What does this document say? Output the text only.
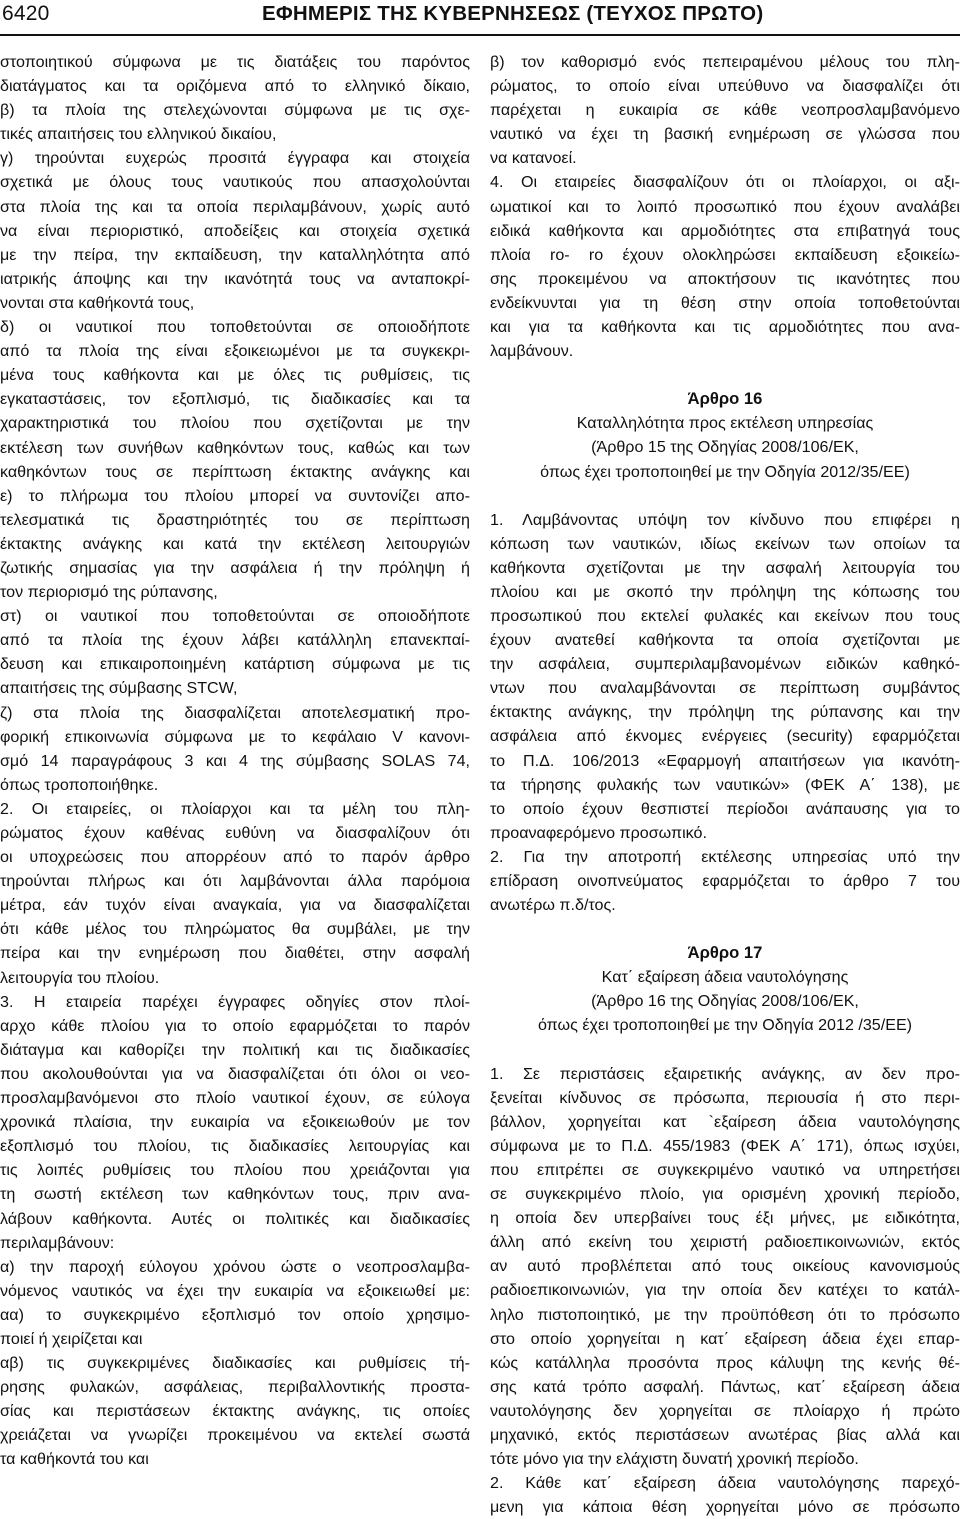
6420	ΕΦΗΜΕΡΙΣ ΤΗΣ ΚΥΒΕΡΝΗΣΕΩΣ (ΤΕΥΧΟΣ ΠΡΩΤΟ)
στοποιητικού σύμφωνα με τις διατάξεις του παρόντος
διατάγματος και τα οριζόμενα από το ελληνικό δίκαιο,
β) τα πλοία της στελεχώνονται σύμφωνα με τις σχε-
τικές απαιτήσεις του ελληνικού δικαίου,
γ) τηρούνται ευχερώς προσιτά έγγραφα και στοιχεία
σχετικά με όλους τους ναυτικούς που απασχολούνται
στα πλοία της και τα οποία περιλαμβάνουν, χωρίς αυτό
να είναι περιοριστικό, αποδείξεις και στοιχεία σχετικά
με την πείρα, την εκπαίδευση, την καταλληλότητα από
ιατρικής άποψης και την ικανότητά τους να ανταποκρί-
νονται στα καθήκοντά τους,
δ) οι ναυτικοί που τοποθετούνται σε οποιοδήποτε
από τα πλοία της είναι εξοικειωμένοι με τα συγκεκρι-
μένα τους καθήκοντα και με όλες τις ρυθμίσεις, τις
εγκαταστάσεις, τον εξοπλισμό, τις διαδικασίες και τα
χαρακτηριστικά του πλοίου που σχετίζονται με την
εκτέλεση των συνήθων καθηκόντων τους, καθώς και των
καθηκόντων τους σε περίπτωση έκτακτης ανάγκης και
ε) το πλήρωμα του πλοίου μπορεί να συντονίζει απο-
τελεσματικά τις δραστηριότητές του σε περίπτωση
έκτακτης ανάγκης και κατά την εκτέλεση λειτουργιών
ζωτικής σημασίας για την ασφάλεια ή την πρόληψη ή
τον περιορισμό της ρύπανσης,
στ) οι ναυτικοί που τοποθετούνται σε οποιοδήποτε
από τα πλοία της έχουν λάβει κατάλληλη επανεκπαί-
δευση και επικαιροποιημένη κατάρτιση σύμφωνα με τις
απαιτήσεις της σύμβασης STCW,
ζ) στα πλοία της διασφαλίζεται αποτελεσματική προ-
φορική επικοινωνία σύμφωνα με το κεφάλαιο V κανονι-
σμό 14 παραγράφους 3 και 4 της σύμβασης SOLAS 74,
όπως τροποποιήθηκε.
2. Οι εταιρείες, οι πλοίαρχοι και τα μέλη του πλη-
ρώματος έχουν καθένας ευθύνη να διασφαλίζουν ότι
οι υποχρεώσεις που απορρέουν από το παρόν άρθρο
τηρούνται πλήρως και ότι λαμβάνονται άλλα παρόμοια
μέτρα, εάν τυχόν είναι αναγκαία, για να διασφαλίζεται
ότι κάθε μέλος του πληρώματος θα συμβάλει, με την
πείρα και την ενημέρωση που διαθέτει, στην ασφαλή
λειτουργία του πλοίου.
3. Η εταιρεία παρέχει έγγραφες οδηγίες στον πλοί-
αρχο κάθε πλοίου για το οποίο εφαρμόζεται το παρόν
διάταγμα και καθορίζει την πολιτική και τις διαδικασίες
που ακολουθούνται για να διασφαλίζεται ότι όλοι οι νεο-
προσλαμβανόμενοι στο πλοίο ναυτικοί έχουν, σε εύλογα
χρονικά πλαίσια, την ευκαιρία να εξοικειωθούν με τον
εξοπλισμό του πλοίου, τις διαδικασίες λειτουργίας και
τις λοιπές ρυθμίσεις του πλοίου που χρειάζονται για
τη σωστή εκτέλεση των καθηκόντων τους, πριν ανα-
λάβουν καθήκοντα. Αυτές οι πολιτικές και διαδικασίες
περιλαμβάνουν:
α) την παροχή εύλογου χρόνου ώστε ο νεοπροσλαμβα-
νόμενος ναυτικός να έχει την ευκαιρία να εξοικειωθεί με:
αα) το συγκεκριμένο εξοπλισμό τον οποίο χρησιμο-
ποιεί ή χειρίζεται και
αβ) τις συγκεκριμένες διαδικασίες και ρυθμίσεις τή-
ρησης φυλακών, ασφάλειας, περιβαλλοντικής προστα-
σίας και περιστάσεων έκτακτης ανάγκης, τις οποίες
χρειάζεται να γνωρίζει προκειμένου να εκτελεί σωστά
τα καθήκοντά του και
β) τον καθορισμό ενός πεπειραμένου μέλους του πλη-
ρώματος, το οποίο είναι υπεύθυνο να διασφαλίζει ότι
παρέχεται η ευκαιρία σε κάθε νεοπροσλαμβανόμενο
ναυτικό να έχει τη βασική ενημέρωση σε γλώσσα που
να κατανοεί.
4. Οι εταιρείες διασφαλίζουν ότι οι πλοίαρχοι, οι αξι-
ωματικοί και το λοιπό προσωπικό που έχουν αναλάβει
ειδικά καθήκοντα και αρμοδιότητες στα επιβατηγά τους
πλοία ro- ro έχουν ολοκληρώσει εκπαίδευση εξοικείω-
σης προκειμένου να αποκτήσουν τις ικανότητες που
ενδείκνυνται για τη θέση στην οποία τοποθετούνται
και για τα καθήκοντα και τις αρμοδιότητες που ανα-
λαμβάνουν.
Άρθρο 16
Καταλληλότητα προς εκτέλεση υπηρεσίας
(Άρθρο 15 της Οδηγίας 2008/106/ΕΚ,
όπως έχει τροποποιηθεί με την Οδηγία 2012/35/ΕΕ)
1. Λαμβάνοντας υπόψη τον κίνδυνο που επιφέρει η
κόπωση των ναυτικών, ιδίως εκείνων των οποίων τα
καθήκοντα σχετίζονται με την ασφαλή λειτουργία του
πλοίου και με σκοπό την πρόληψη της κόπωσης του
προσωπικού που εκτελεί φυλακές και εκείνων που τους
έχουν ανατεθεί καθήκοντα τα οποία σχετίζονται με
την ασφάλεια, συμπεριλαμβανομένων ειδικών καθηκό-
ντων που αναλαμβάνονται σε περίπτωση συμβάντος
έκτακτης ανάγκης, την πρόληψη της ρύπανσης και την
ασφάλεια από έκνομες ενέργειες (security) εφαρμόζεται
το Π.Δ. 106/2013 «Εφαρμογή απαιτήσεων για ικανότη-
τα τήρησης φυλακής των ναυτικών» (ΦΕΚ Α΄ 138), με
το οποίο έχουν θεσπιστεί περίοδοι ανάπαυσης για το
προαναφερόμενο προσωπικό.
2. Για την αποτροπή εκτέλεσης υπηρεσίας υπό την
επίδραση οινοπνεύματος εφαρμόζεται το άρθρο 7 του
ανωτέρω π.δ/τος.
Άρθρο 17
Κατ΄ εξαίρεση άδεια ναυτολόγησης
(Άρθρο 16 της Οδηγίας 2008/106/ΕΚ,
όπως έχει τροποποιηθεί με την Οδηγία 2012 /35/ΕΕ)
1. Σε περιστάσεις εξαιρετικής ανάγκης, αν δεν προ-
ξενείται κίνδυνος σε πρόσωπα, περιουσία ή στο περι-
βάλλον, χορηγείται κατ `εξαίρεση άδεια ναυτολόγησης
σύμφωνα με το Π.Δ. 455/1983 (ΦΕΚ Α΄ 171), όπως ισχύει,
που επιτρέπει σε συγκεκριμένο ναυτικό να υπηρετήσει
σε συγκεκριμένο πλοίο, για ορισμένη χρονική περίοδο,
η οποία δεν υπερβαίνει τους έξι μήνες, με ειδικότητα,
άλλη από εκείνη του χειριστή ραδιοεπικοινωνιών, εκτός
αν αυτό προβλέπεται από τους οικείους κανονισμούς
ραδιοεπικοινωνιών, για την οποία δεν κατέχει το κατάλ-
ληλο πιστοποιητικό, με την προϋπόθεση ότι το πρόσωπο
στο οποίο χορηγείται η κατ΄ εξαίρεση άδεια έχει επαρ-
κώς κατάλληλα προσόντα προς κάλυψη της κενής θέ-
σης κατά τρόπο ασφαλή. Πάντως, κατ΄ εξαίρεση άδεια
ναυτολόγησης δεν χορηγείται σε πλοίαρχο ή πρώτο
μηχανικό, εκτός περιστάσεων ανωτέρας βίας αλλά και
τότε μόνο για την ελάχιστη δυνατή χρονική περίοδο.
2. Κάθε κατ΄ εξαίρεση άδεια ναυτολόγησης παρεχό-
μενη για κάποια θέση χορηγείται μόνο σε πρόσωπο
